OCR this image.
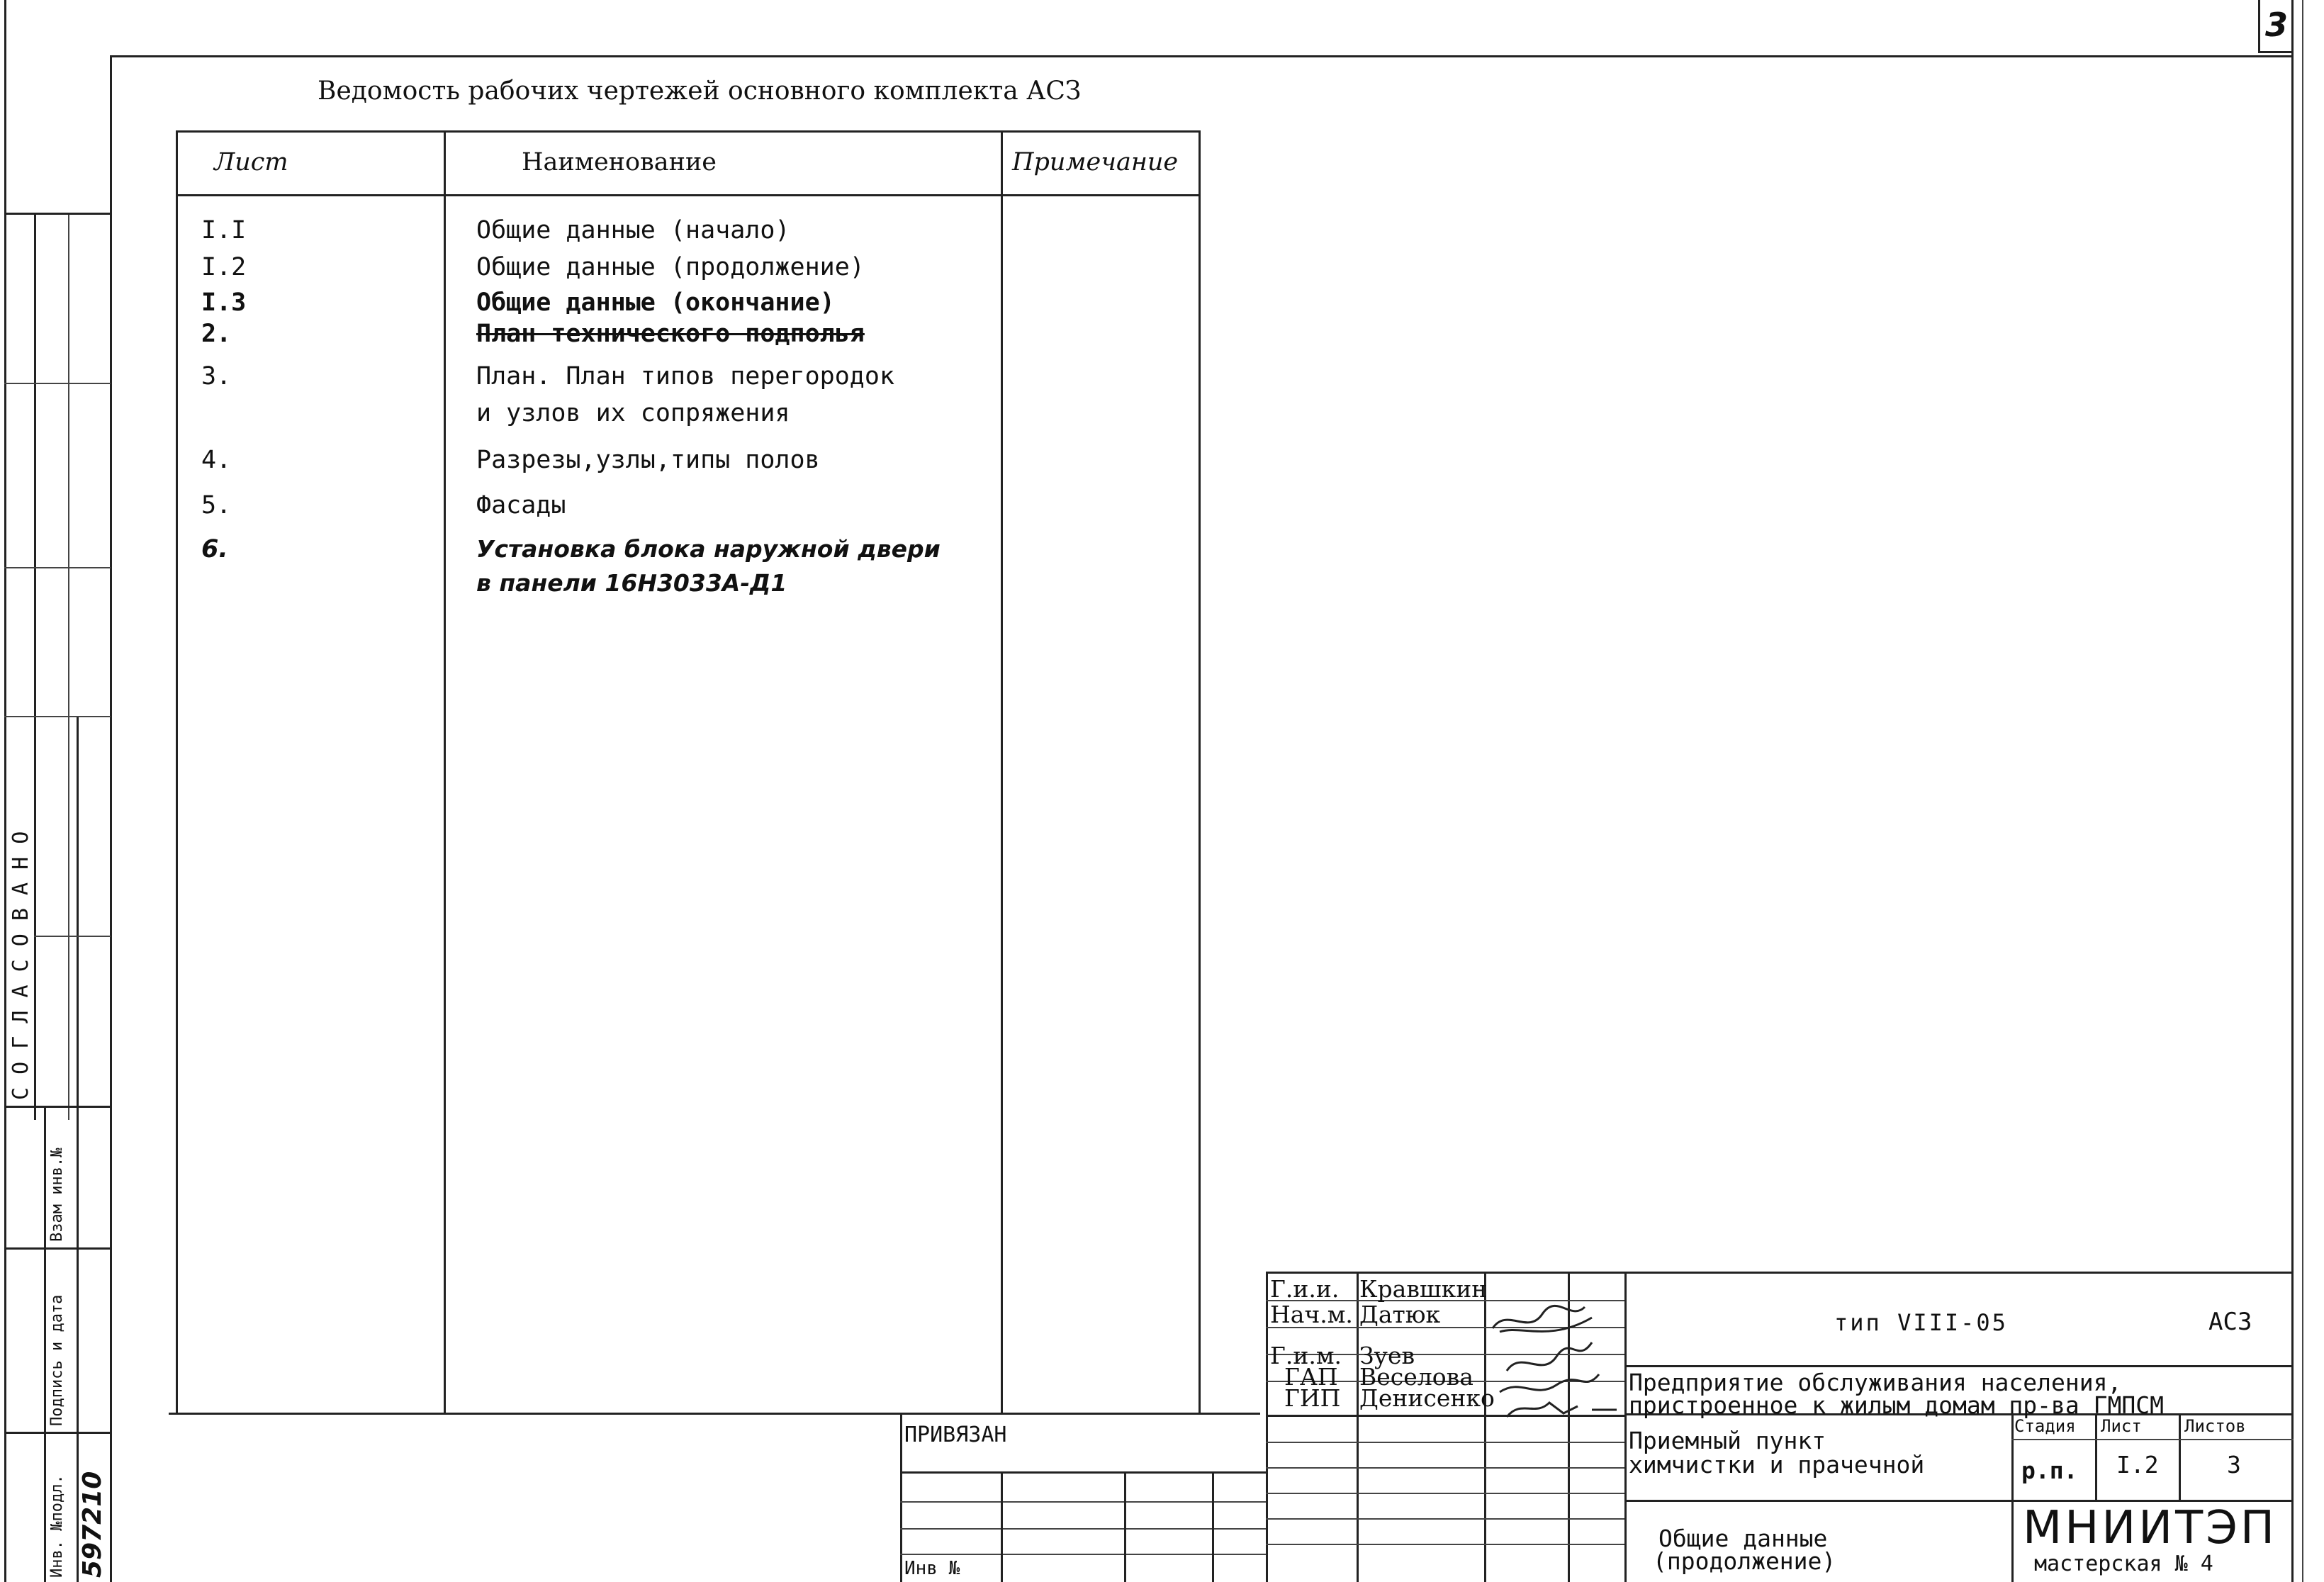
3
Ведомость рабочих чертежей основного комплекта АСЗ
Лист	Наименование	Примечание
I.I	Общие данные (начало)
I.2	Общие данные (продолжение)
I.3	Общие данные (окончание)
2.	План технического подполья
3.	План. План типов перегородок
и узлов их сопряжения
4.	Разрезы,узлы,типы полов
5.	Фасады
6.	Установка блока наружной двери
в панели 16Н3033А-Д1
С О Г Л А С О В А Н О
Взам инв.№
Подпись и дата
Инв. №подл. 597210
ПРИВЯЗАН
Инв №
Г.и.и. Кравшкин
Нач.м. Датюк
Г.и.м. Зуев
ГАП Веселова
ГИП Денисенко
тип VIII-05	АСЗ
Предприятие обслуживания населения,
пристроенное к жилым домам пр-ва ГМПСМ
Приемный пункт
химчистки и прачечной
Стадия Лист	Листов
р.п. I.2	3
Общие данные
(продолжение)
МНИИТЭП
мастерская № 4
